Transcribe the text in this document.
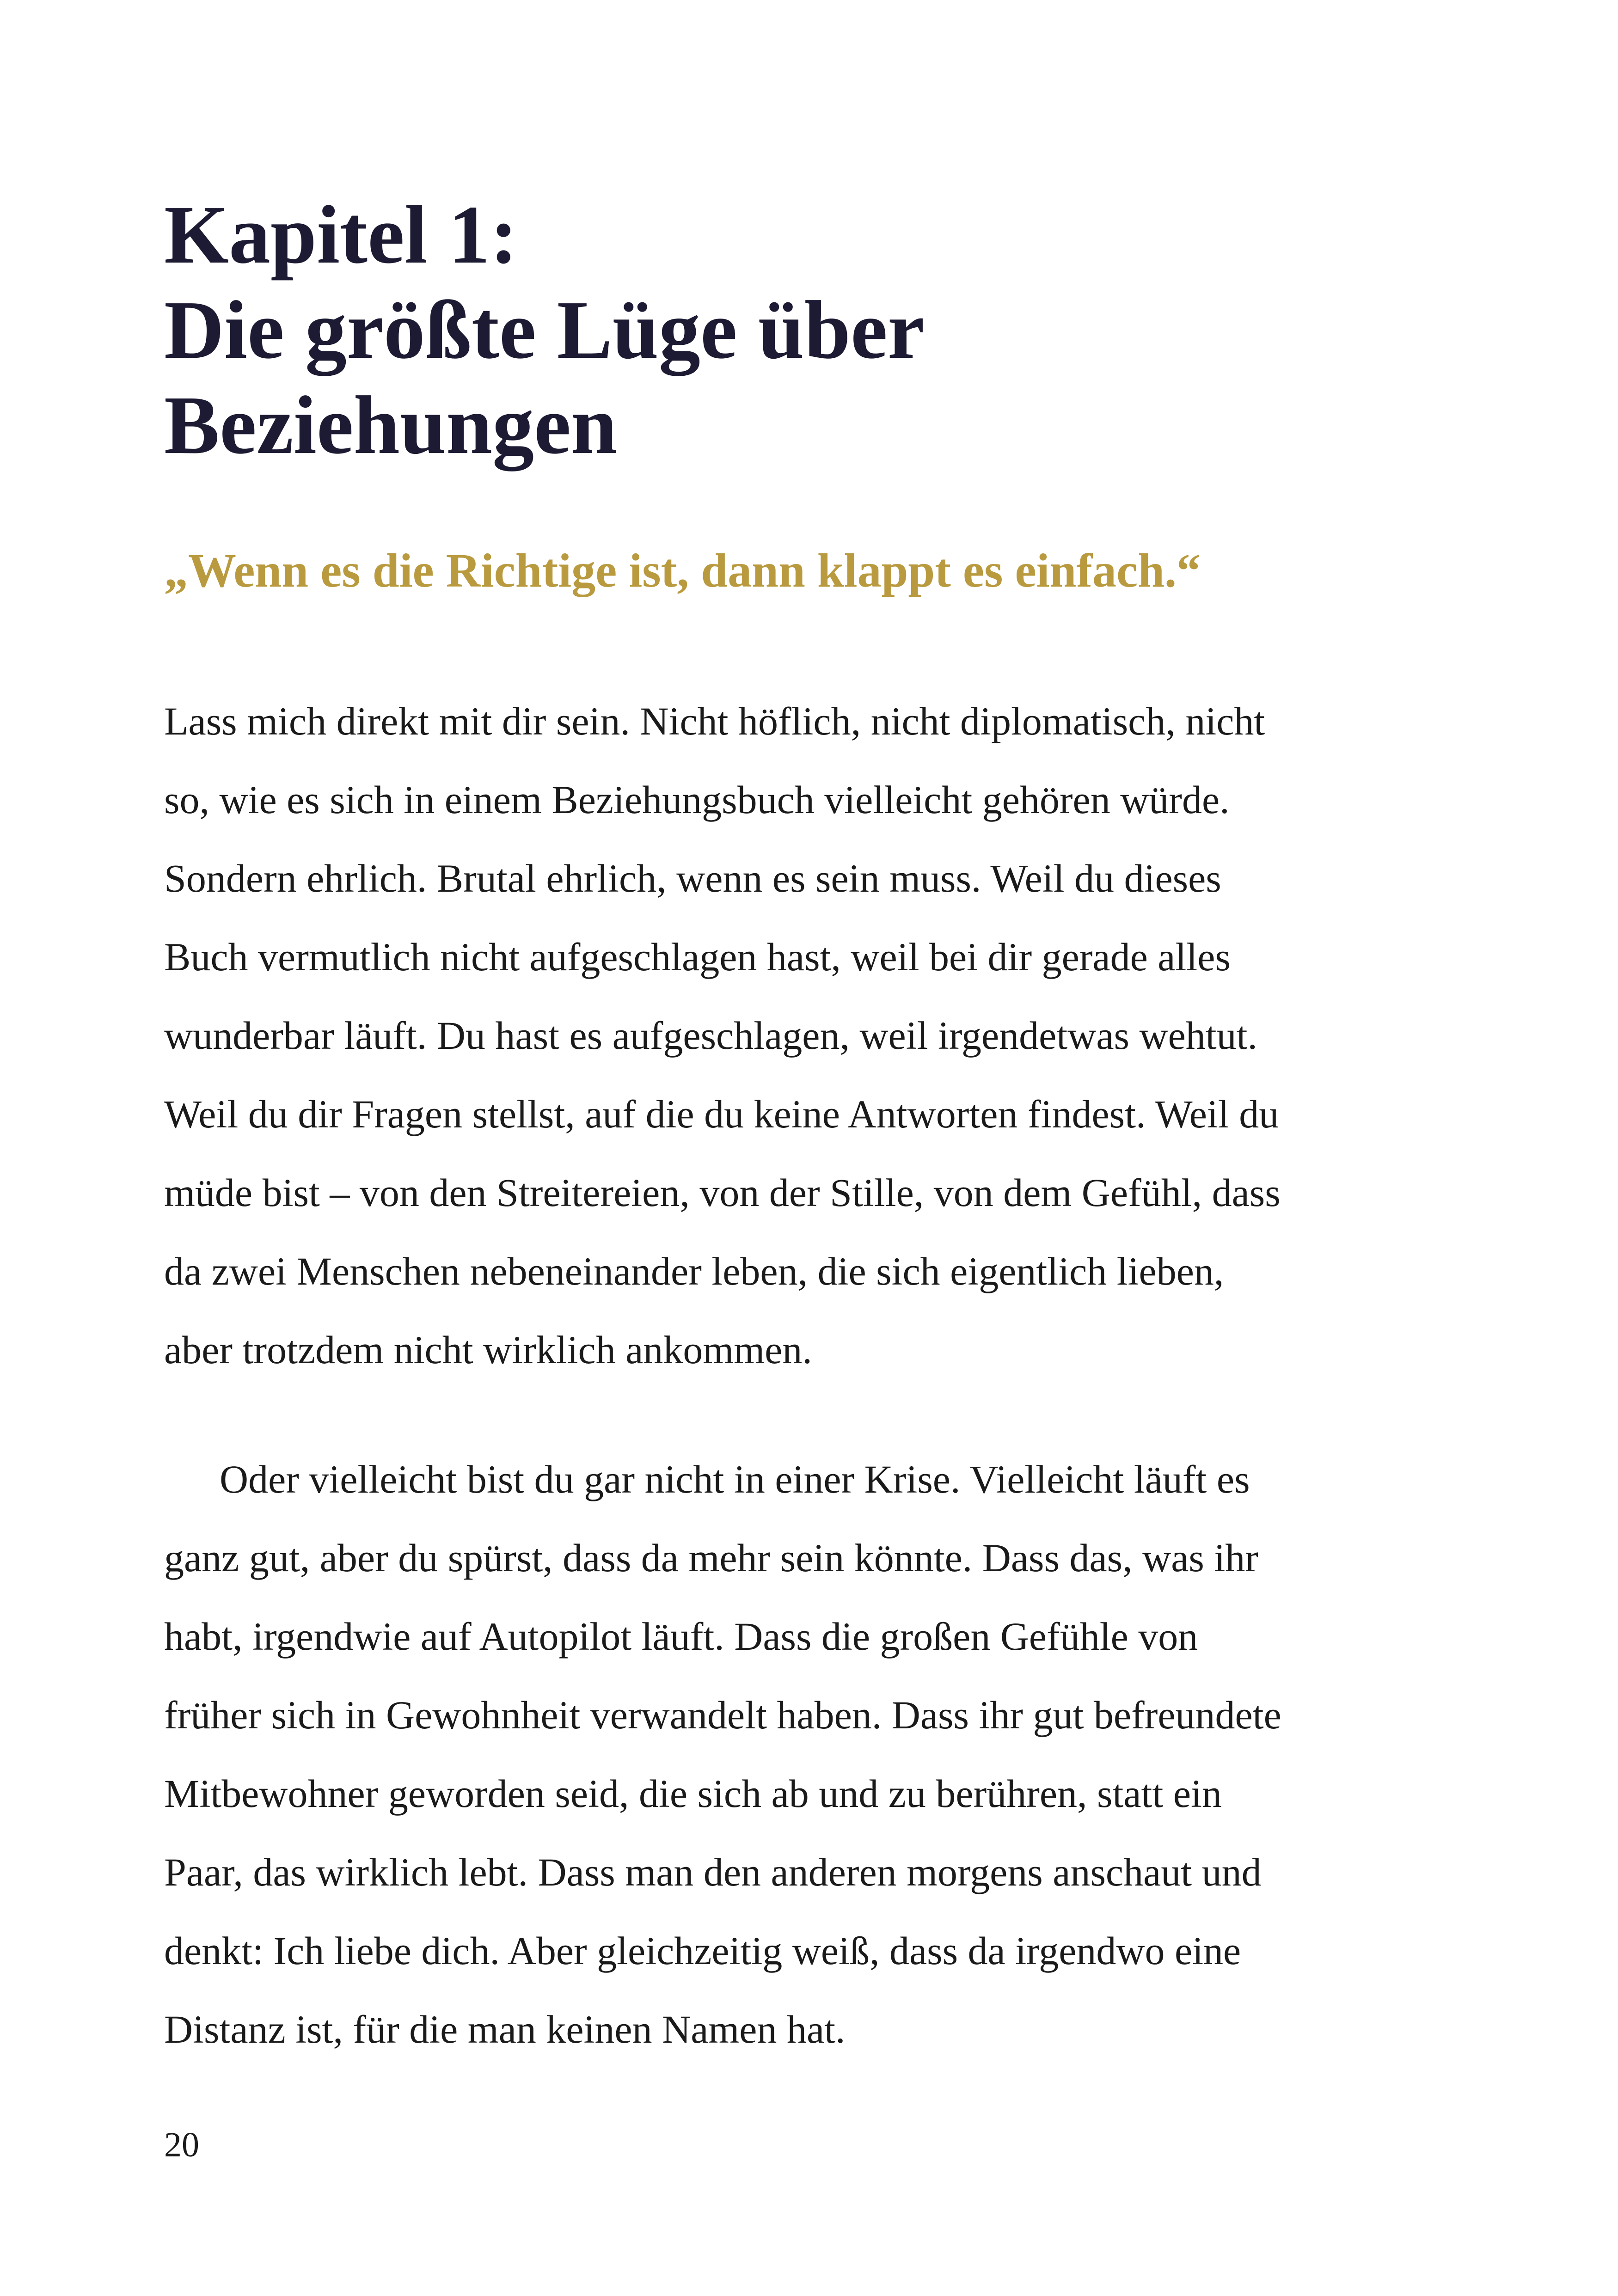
Kapitel 1:
Die größte Lüge über
Beziehungen

„Wenn es die Richtige ist, dann klappt es einfach.“

Lass mich direkt mit dir sein. Nicht höflich, nicht diplomatisch, nicht
so, wie es sich in einem Beziehungsbuch vielleicht gehören würde.
Sondern ehrlich. Brutal ehrlich, wenn es sein muss. Weil du dieses
Buch vermutlich nicht aufgeschlagen hast, weil bei dir gerade alles
wunderbar läuft. Du hast es aufgeschlagen, weil irgendetwas wehtut.
Weil du dir Fragen stellst, auf die du keine Antworten findest. Weil du
müde bist – von den Streitereien, von der Stille, von dem Gefühl, dass
da zwei Menschen nebeneinander leben, die sich eigentlich lieben,
aber trotzdem nicht wirklich ankommen.

Oder vielleicht bist du gar nicht in einer Krise. Vielleicht läuft es
ganz gut, aber du spürst, dass da mehr sein könnte. Dass das, was ihr
habt, irgendwie auf Autopilot läuft. Dass die großen Gefühle von
früher sich in Gewohnheit verwandelt haben. Dass ihr gut befreundete
Mitbewohner geworden seid, die sich ab und zu berühren, statt ein
Paar, das wirklich lebt. Dass man den anderen morgens anschaut und
denkt: Ich liebe dich. Aber gleichzeitig weiß, dass da irgendwo eine
Distanz ist, für die man keinen Namen hat.

20
